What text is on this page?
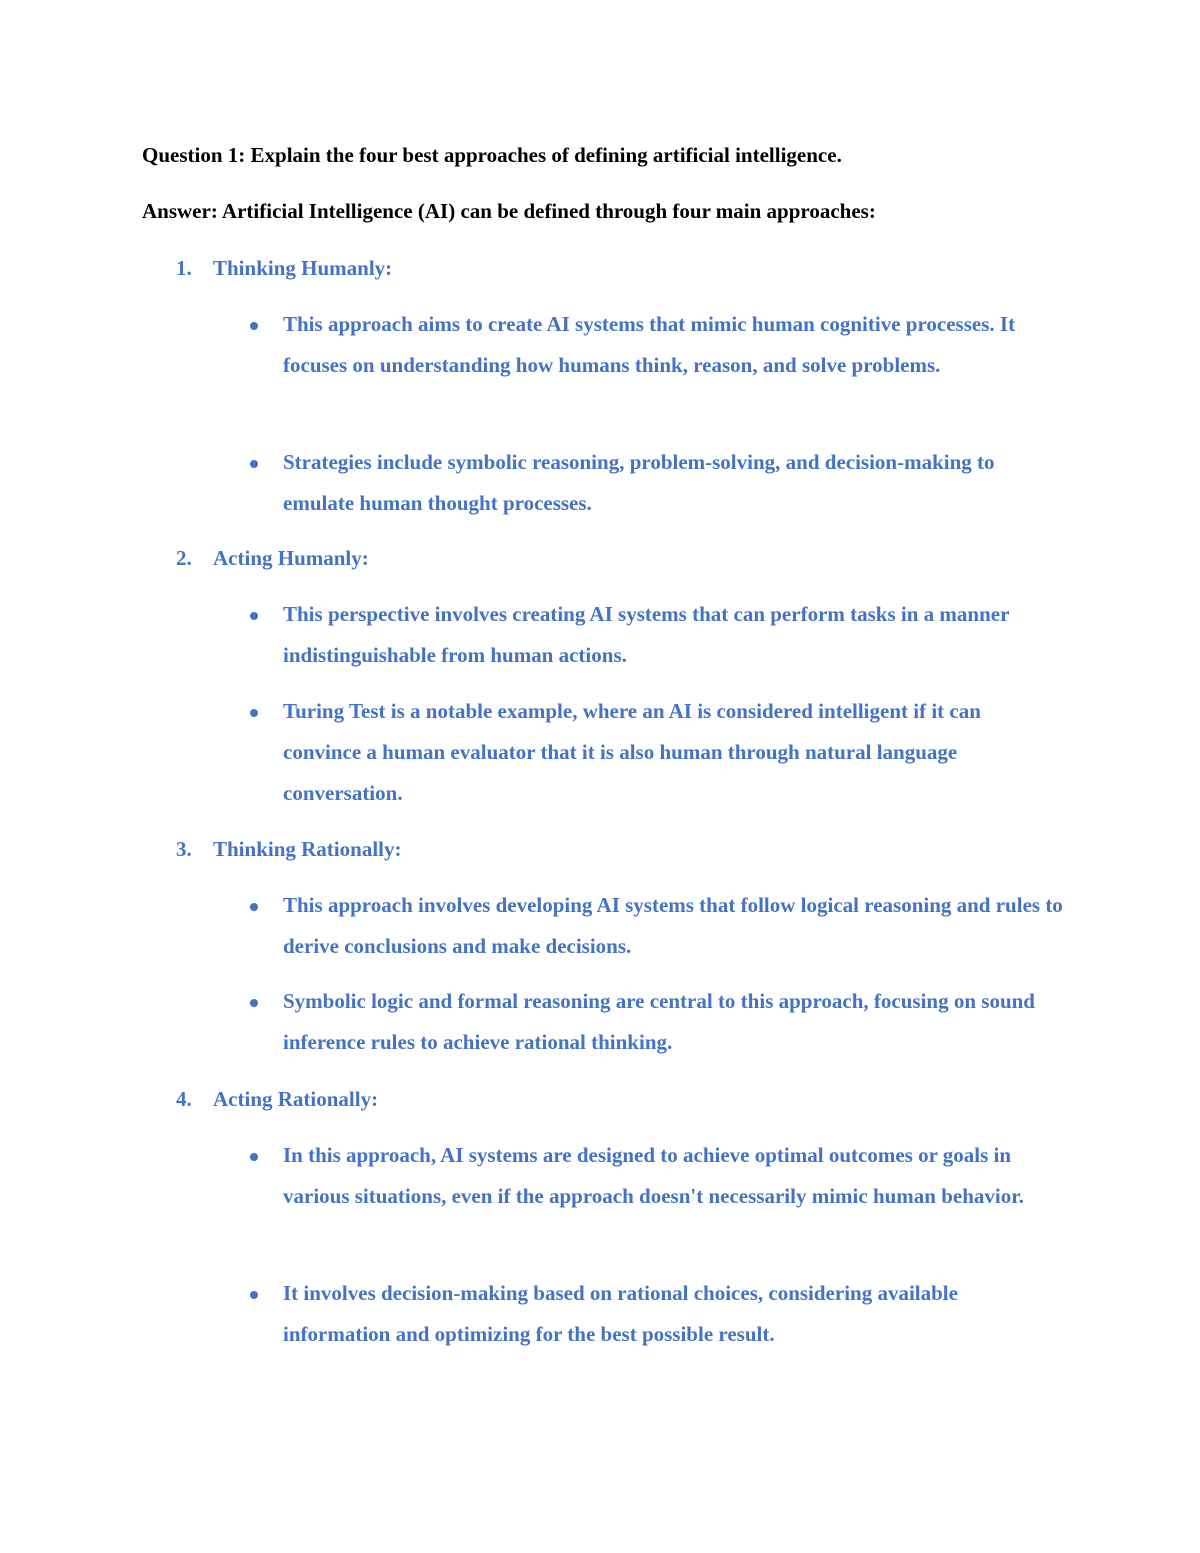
Question 1: Explain the four best approaches of defining artificial intelligence.
Answer: Artificial Intelligence (AI) can be defined through four main approaches:
1. Thinking Humanly:

This approach aims to create AI systems that mimic human cognitive processes. It focuses on understanding how humans think, reason, and solve problems.

Strategies include symbolic reasoning, problem-solving, and decision-making to emulate human thought processes.

2. Acting Humanly:

This perspective involves creating AI systems that can perform tasks in a manner indistinguishable from human actions.

Turing Test is a notable example, where an AI is considered intelligent if it can convince a human evaluator that it is also human through natural language conversation.

3. Thinking Rationally:

This approach involves developing AI systems that follow logical reasoning and rules to derive conclusions and make decisions.

Symbolic logic and formal reasoning are central to this approach, focusing on sound inference rules to achieve rational thinking.

4. Acting Rationally:

In this approach, AI systems are designed to achieve optimal outcomes or goals in various situations, even if the approach doesn't necessarily mimic human behavior.

It involves decision-making based on rational choices, considering available information and optimizing for the best possible result.
